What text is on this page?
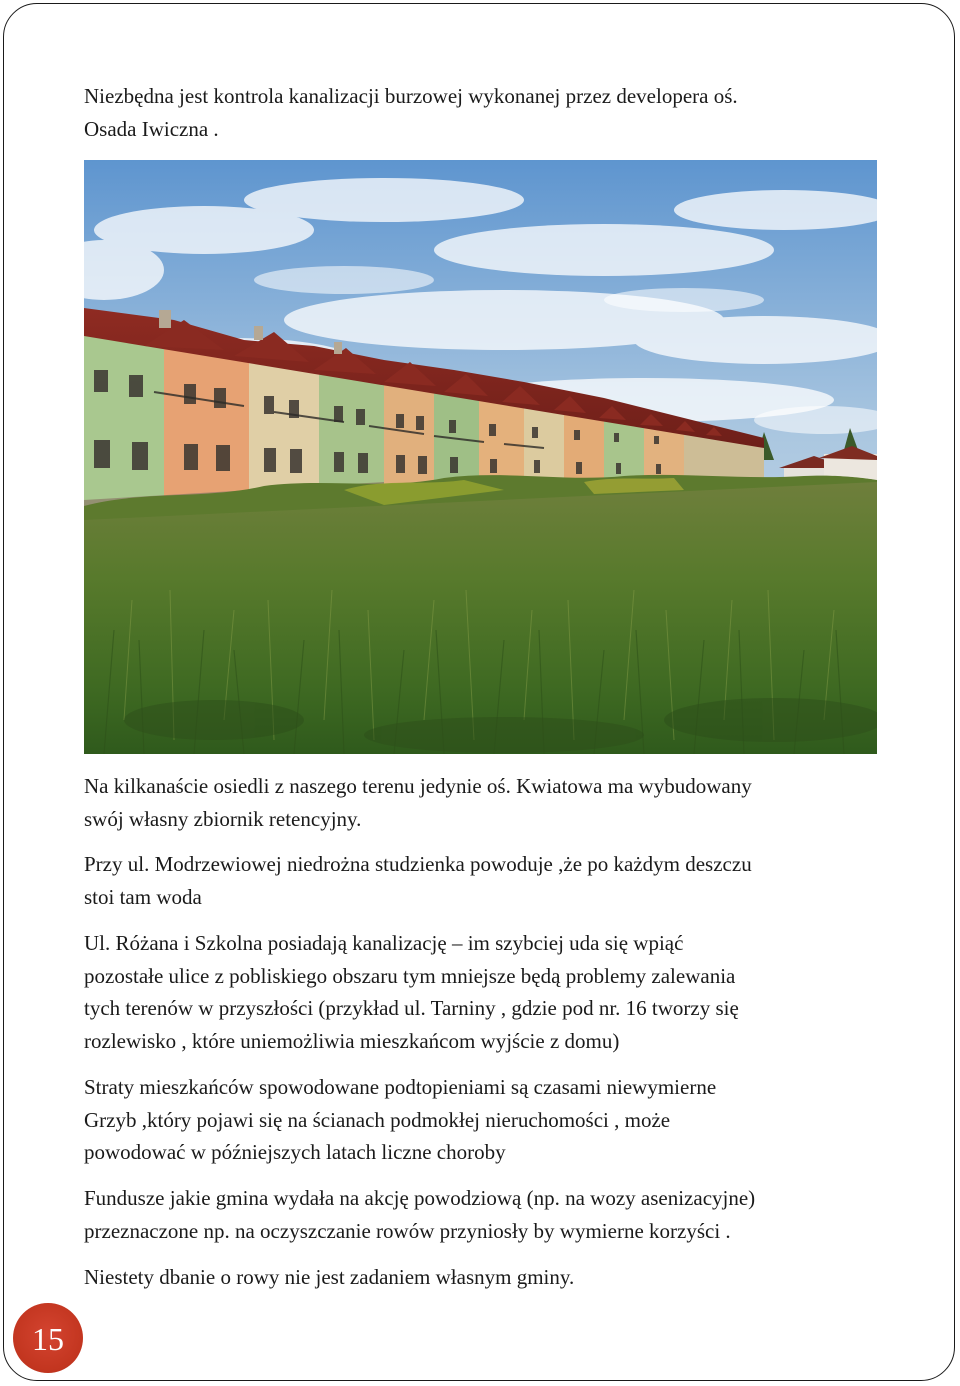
Niezbędna jest kontrola kanalizacji burzowej wykonanej przez developera oś.
Osada Iwiczna .
Na kilkanaście osiedli z naszego terenu jedynie oś. Kwiatowa ma wybudowany
swój własny zbiornik retencyjny.
Przy ul. Modrzewiowej niedrożna studzienka powoduje ,że po każdym deszczu
stoi tam woda
Ul. Różana i Szkolna posiadają kanalizację – im szybciej uda się wpiąć
pozostałe ulice z pobliskiego obszaru tym mniejsze będą problemy zalewania
tych terenów w przyszłości (przykład ul. Tarniny , gdzie pod nr. 16 tworzy się
rozlewisko , które uniemożliwia mieszkańcom wyjście z domu)
Straty mieszkańców spowodowane podtopieniami są czasami niewymierne
Grzyb ,który pojawi się na ścianach podmokłej nieruchomości , może
powodować w późniejszych latach liczne choroby
Fundusze jakie gmina wydała na akcję powodziową (np. na wozy asenizacyjne)
przeznaczone np. na oczyszczanie rowów przyniosły by wymierne korzyści .
Niestety dbanie o rowy nie jest zadaniem własnym gminy.
15
